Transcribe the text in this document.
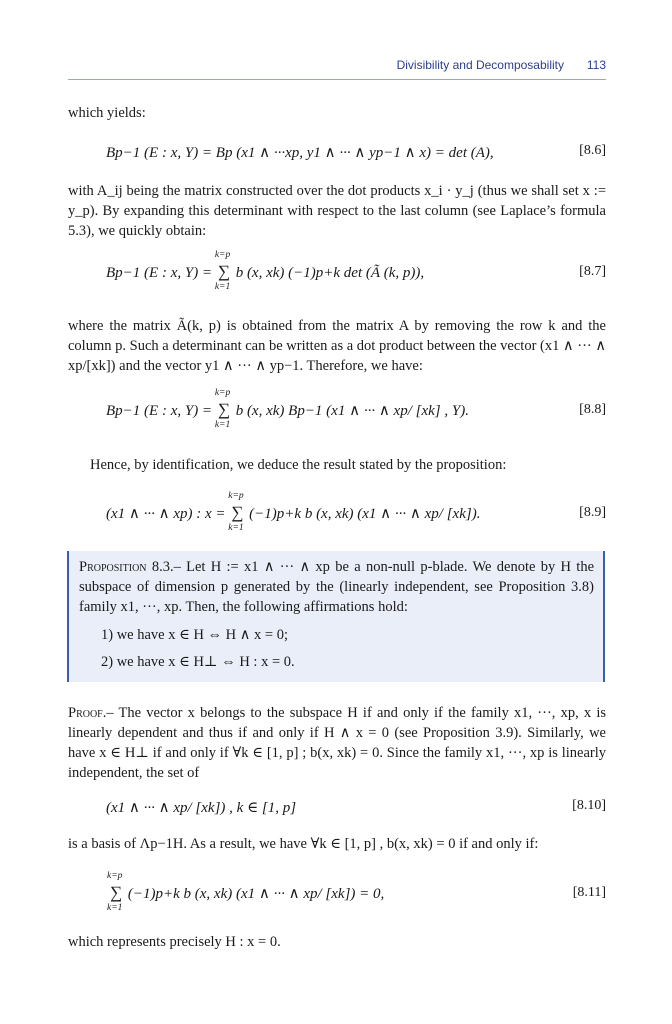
Divisibility and Decomposability 113

which yields:

Bp−1 (E : x, Y) = Bp (x1 ∧ ···xp, y1 ∧ ··· ∧ yp−1 ∧ x) = det (A),	[8.6]

with A_ij being the matrix constructed over the dot products x_i · y_j (thus we shall set x := y_p). By expanding this determinant with respect to the last column (see Laplace’s formula 5.3), we quickly obtain:

Bp−1 (E : x, Y) = ∑
k=p
k=1
b (x, xk) (−1)p+k det (Ã (k, p)),	[8.7]

where the matrix Ã(k, p) is obtained from the matrix A by removing the row k and the column p. Such a determinant can be written as a dot product between the vector (x1 ∧ ··· ∧ xp/[xk]) and the vector y1 ∧ ··· ∧ yp−1. Therefore, we have:

Bp−1 (E : x, Y) = ∑
k=p
k=1
b (x, xk) Bp−1 (x1 ∧ ··· ∧ xp/ [xk] , Y).	[8.8]

Hence, by identification, we deduce the result stated by the proposition:

(x1 ∧ ··· ∧ xp) : x = ∑
k=p
k=1
(−1)p+k b (x, xk) (x1 ∧ ··· ∧ xp/ [xk]).	[8.9]

Proposition 8.3.– Let H := x1 ∧ ··· ∧ xp be a non-null p-blade. We denote by H the subspace of dimension p generated by the (linearly independent, see Proposition 3.8) family x1, ···, xp. Then, the following affirmations hold:

1) we have x ∈ H ⇔ H ∧ x = 0;

2) we have x ∈ H⊥ ⇔ H : x = 0.

Proof.– The vector x belongs to the subspace H if and only if the family x1, ···, xp, x is linearly dependent and thus if and only if H ∧ x = 0 (see Proposition 3.9). Similarly, we have x ∈ H⊥ if and only if ∀k ∈ [1, p] ; b(x, xk) = 0. Since the family x1, ···, xp is linearly independent, the set of

(x1 ∧ ··· ∧ xp/ [xk]) , k ∈ [1, p]	[8.10]

is a basis of Λp−1H. As a result, we have ∀k ∈ [1, p] , b(x, xk) = 0 if and only if:

∑
k=p
k=1
(−1)p+k b (x, xk) (x1 ∧ ··· ∧ xp/ [xk]) = 0,	[8.11]

which represents precisely H : x = 0.
